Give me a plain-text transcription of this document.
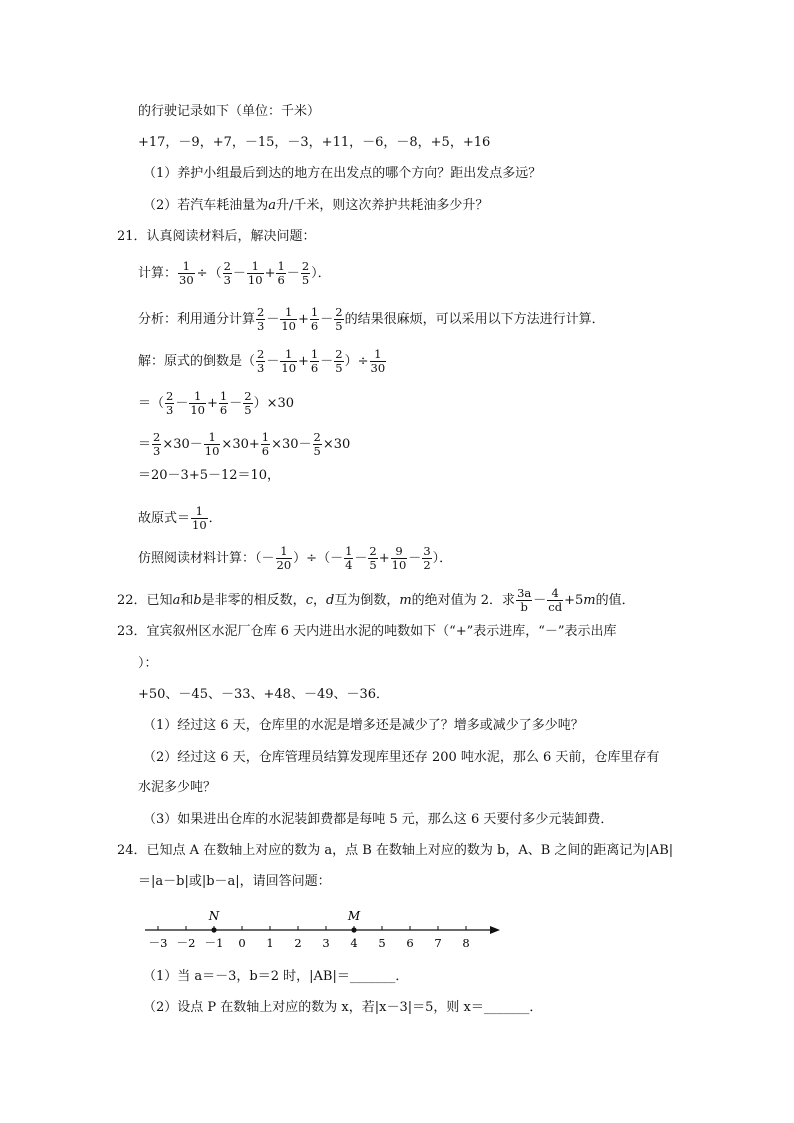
的行驶记录如下（单位：千米）
+17，－9，+7，－15，－3，+11，－6，－8，+5，+16
（1）养护小组最后到达的地方在出发点的哪个方向？距出发点多远？
（2）若汽车耗油量为a升/千米，则这次养护共耗油多少升？
21．认真阅读材料后，解决问题：
计算： $\frac{1}{30}$ ÷（ $\frac{2}{3} - \frac{1}{10} + \frac{1}{6} - \frac{2}{5}$ ）．
分析：利用通分计算 $\frac{2}{3} - \frac{1}{10} + \frac{1}{6} - \frac{2}{5}$ 的结果很麻烦，可以采用以下方法进行计算．
解：原式的倒数是（ $\frac{2}{3} - \frac{1}{10} + \frac{1}{6} - \frac{2}{5}$ ）÷ $\frac{1}{30}$
＝（ $\frac{2}{3} - \frac{1}{10} + \frac{1}{6} - \frac{2}{5} )\times 30$
＝ $\frac{2}{3} \times 30- \frac{1}{10} \times 30+ \frac{1}{6} \times 30- \frac{2}{5} \times 30$
＝20－3+5－12＝10，
故原式＝ $\frac{1}{10}$ ．
仿照阅读材料计算：（－ $\frac{1}{20}$ ）÷（－ $\frac{1}{4} - \frac{2}{5} + \frac{9}{10} - \frac{3}{2}$ ）．
22．已知a和b是非零的相反数，c，d互为倒数，m的绝对值为 2．求 $\frac{3a}{b} - \frac{4}{cd} +5m$的值．
23．宜宾叙州区水泥厂仓库 6 天内进出水泥的吨数如下（“+”表示进库，“－”表示出库
）：
+50、－45、－33、+48、－49、－36．
（1）经过这 6 天，仓库里的水泥是增多还是减少了？增多或减少了多少吨？
（2）经过这 6 天，仓库管理员结算发现库里还存 200 吨水泥，那么 6 天前，仓库里存有
水泥多少吨？
（3）如果进出仓库的水泥装卸费都是每吨 5 元，那么这 6 天要付多少元装卸费．
24．已知点 A 在数轴上对应的数为 a，点 B 在数轴上对应的数为 b，A、B 之间的距离记为|AB|
＝|a－b|或|b－a|，请回答问题：
－3 －2 －1 0 1 2 3 4 5 6 7 8
N	M
（1）当 a＝－3，b＝2 时，|AB|＝_______．
（2）设点 P 在数轴上对应的数为 x，若|x－3|＝5，则 x＝_______．
